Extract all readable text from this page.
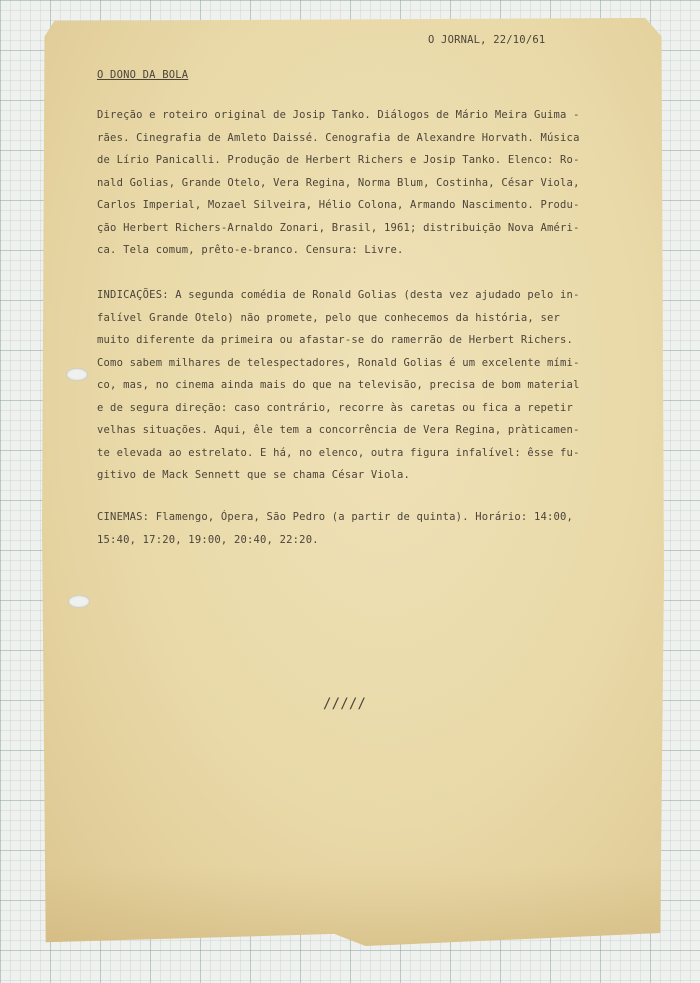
O JORNAL, 22/10/61
O DONO DA BOLA
Direção e roteiro original de Josip Tanko. Diálogos de Mário Meira Guima -
rães. Cinegrafia de Amleto Daissé. Cenografia de Alexandre Horvath. Música
de Lírio Panicalli. Produção de Herbert Richers e Josip Tanko. Elenco: Ro-
nald Golias, Grande Otelo, Vera Regina, Norma Blum, Costinha, César Viola,
Carlos Imperial, Mozael Silveira, Hélio Colona, Armando Nascimento. Produ-
ção Herbert Richers-Arnaldo Zonari, Brasil, 1961; distribuição Nova Améri-
ca. Tela comum, prêto-e-branco. Censura: Livre.
INDICAÇÕES: A segunda comédia de Ronald Golias (desta vez ajudado pelo in-
falível Grande Otelo) não promete, pelo que conhecemos da história, ser
muito diferente da primeira ou afastar-se do ramerrão de Herbert Richers.
Como sabem milhares de telespectadores, Ronald Golias é um excelente mími-
co, mas, no cinema ainda mais do que na televisão, precisa de bom material
e de segura direção: caso contrário, recorre às caretas ou fica a repetir
velhas situações. Aqui, êle tem a concorrência de Vera Regina, pràticamen-
te elevada ao estrelato. E há, no elenco, outra figura infalível: êsse fu-
gitivo de Mack Sennett que se chama César Viola.
CINEMAS: Flamengo, Ópera, São Pedro (a partir de quinta). Horário: 14:00,
15:40, 17:20, 19:00, 20:40, 22:20.
/////
